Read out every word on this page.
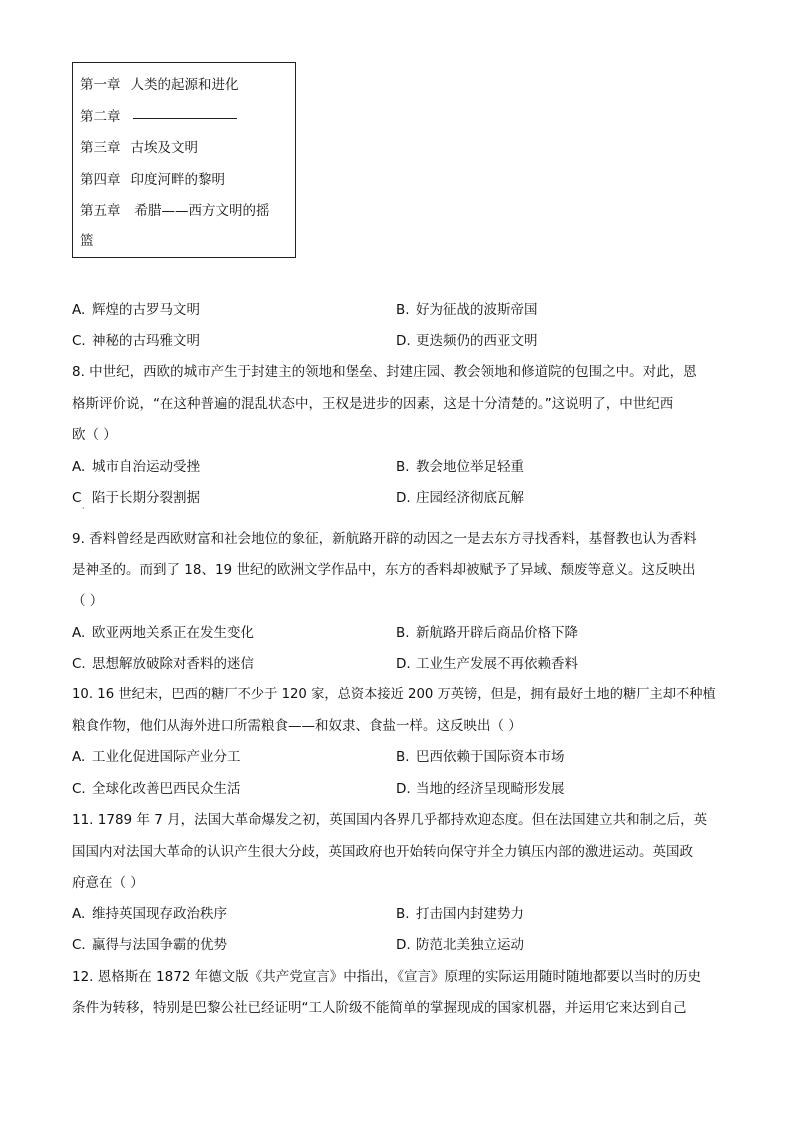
第一章 人类的起源和进化
第二章
第三章 古埃及文明
第四章 印度河畔的黎明
第五章 希腊——西方文明的摇
篮
A. 辉煌的古罗马文明	B. 好为征战的波斯帝国
C. 神秘的古玛雅文明	D. 更迭频仍的西亚文明
8. 中世纪，西欧的城市产生于封建主的领地和堡垒、封建庄园、教会领地和修道院的包围之中。对此，恩
格斯评价说，“在这种普遍的混乱状态中，王权是进步的因素，这是十分清楚的。”这说明了，中世纪西
欧（ ）
A. 城市自治运动受挫	B. 教会地位举足轻重
C 陷于长期分裂割据	D. 庄园经济彻底瓦解
·
9. 香料曾经是西欧财富和社会地位的象征，新航路开辟的动因之一是去东方寻找香料，基督教也认为香料
是神圣的。而到了 18、19 世纪的欧洲文学作品中，东方的香料却被赋予了异域、颓废等意义。这反映出
（ ）
A. 欧亚两地关系正在发生变化	B. 新航路开辟后商品价格下降
C. 思想解放破除对香料的迷信	D. 工业生产发展不再依赖香料
10. 16 世纪末，巴西的糖厂不少于 120 家，总资本接近 200 万英镑，但是，拥有最好土地的糖厂主却不种植
粮食作物，他们从海外进口所需粮食——和奴隶、食盐一样。这反映出（ ）
A. 工业化促进国际产业分工	B. 巴西依赖于国际资本市场
C. 全球化改善巴西民众生活	D. 当地的经济呈现畸形发展
11. 1789 年 7 月，法国大革命爆发之初，英国国内各界几乎都持欢迎态度。但在法国建立共和制之后，英
国国内对法国大革命的认识产生很大分歧，英国政府也开始转向保守并全力镇压内部的激进运动。英国政
府意在（ ）
A. 维持英国现存政治秩序	B. 打击国内封建势力
C. 赢得与法国争霸的优势	D. 防范北美独立运动
12. 恩格斯在 1872 年德文版《共产党宣言》中指出，《宣言》原理的实际运用随时随地都要以当时的历史
条件为转移，特别是巴黎公社已经证明“工人阶级不能简单的掌握现成的国家机器，并运用它来达到自己
